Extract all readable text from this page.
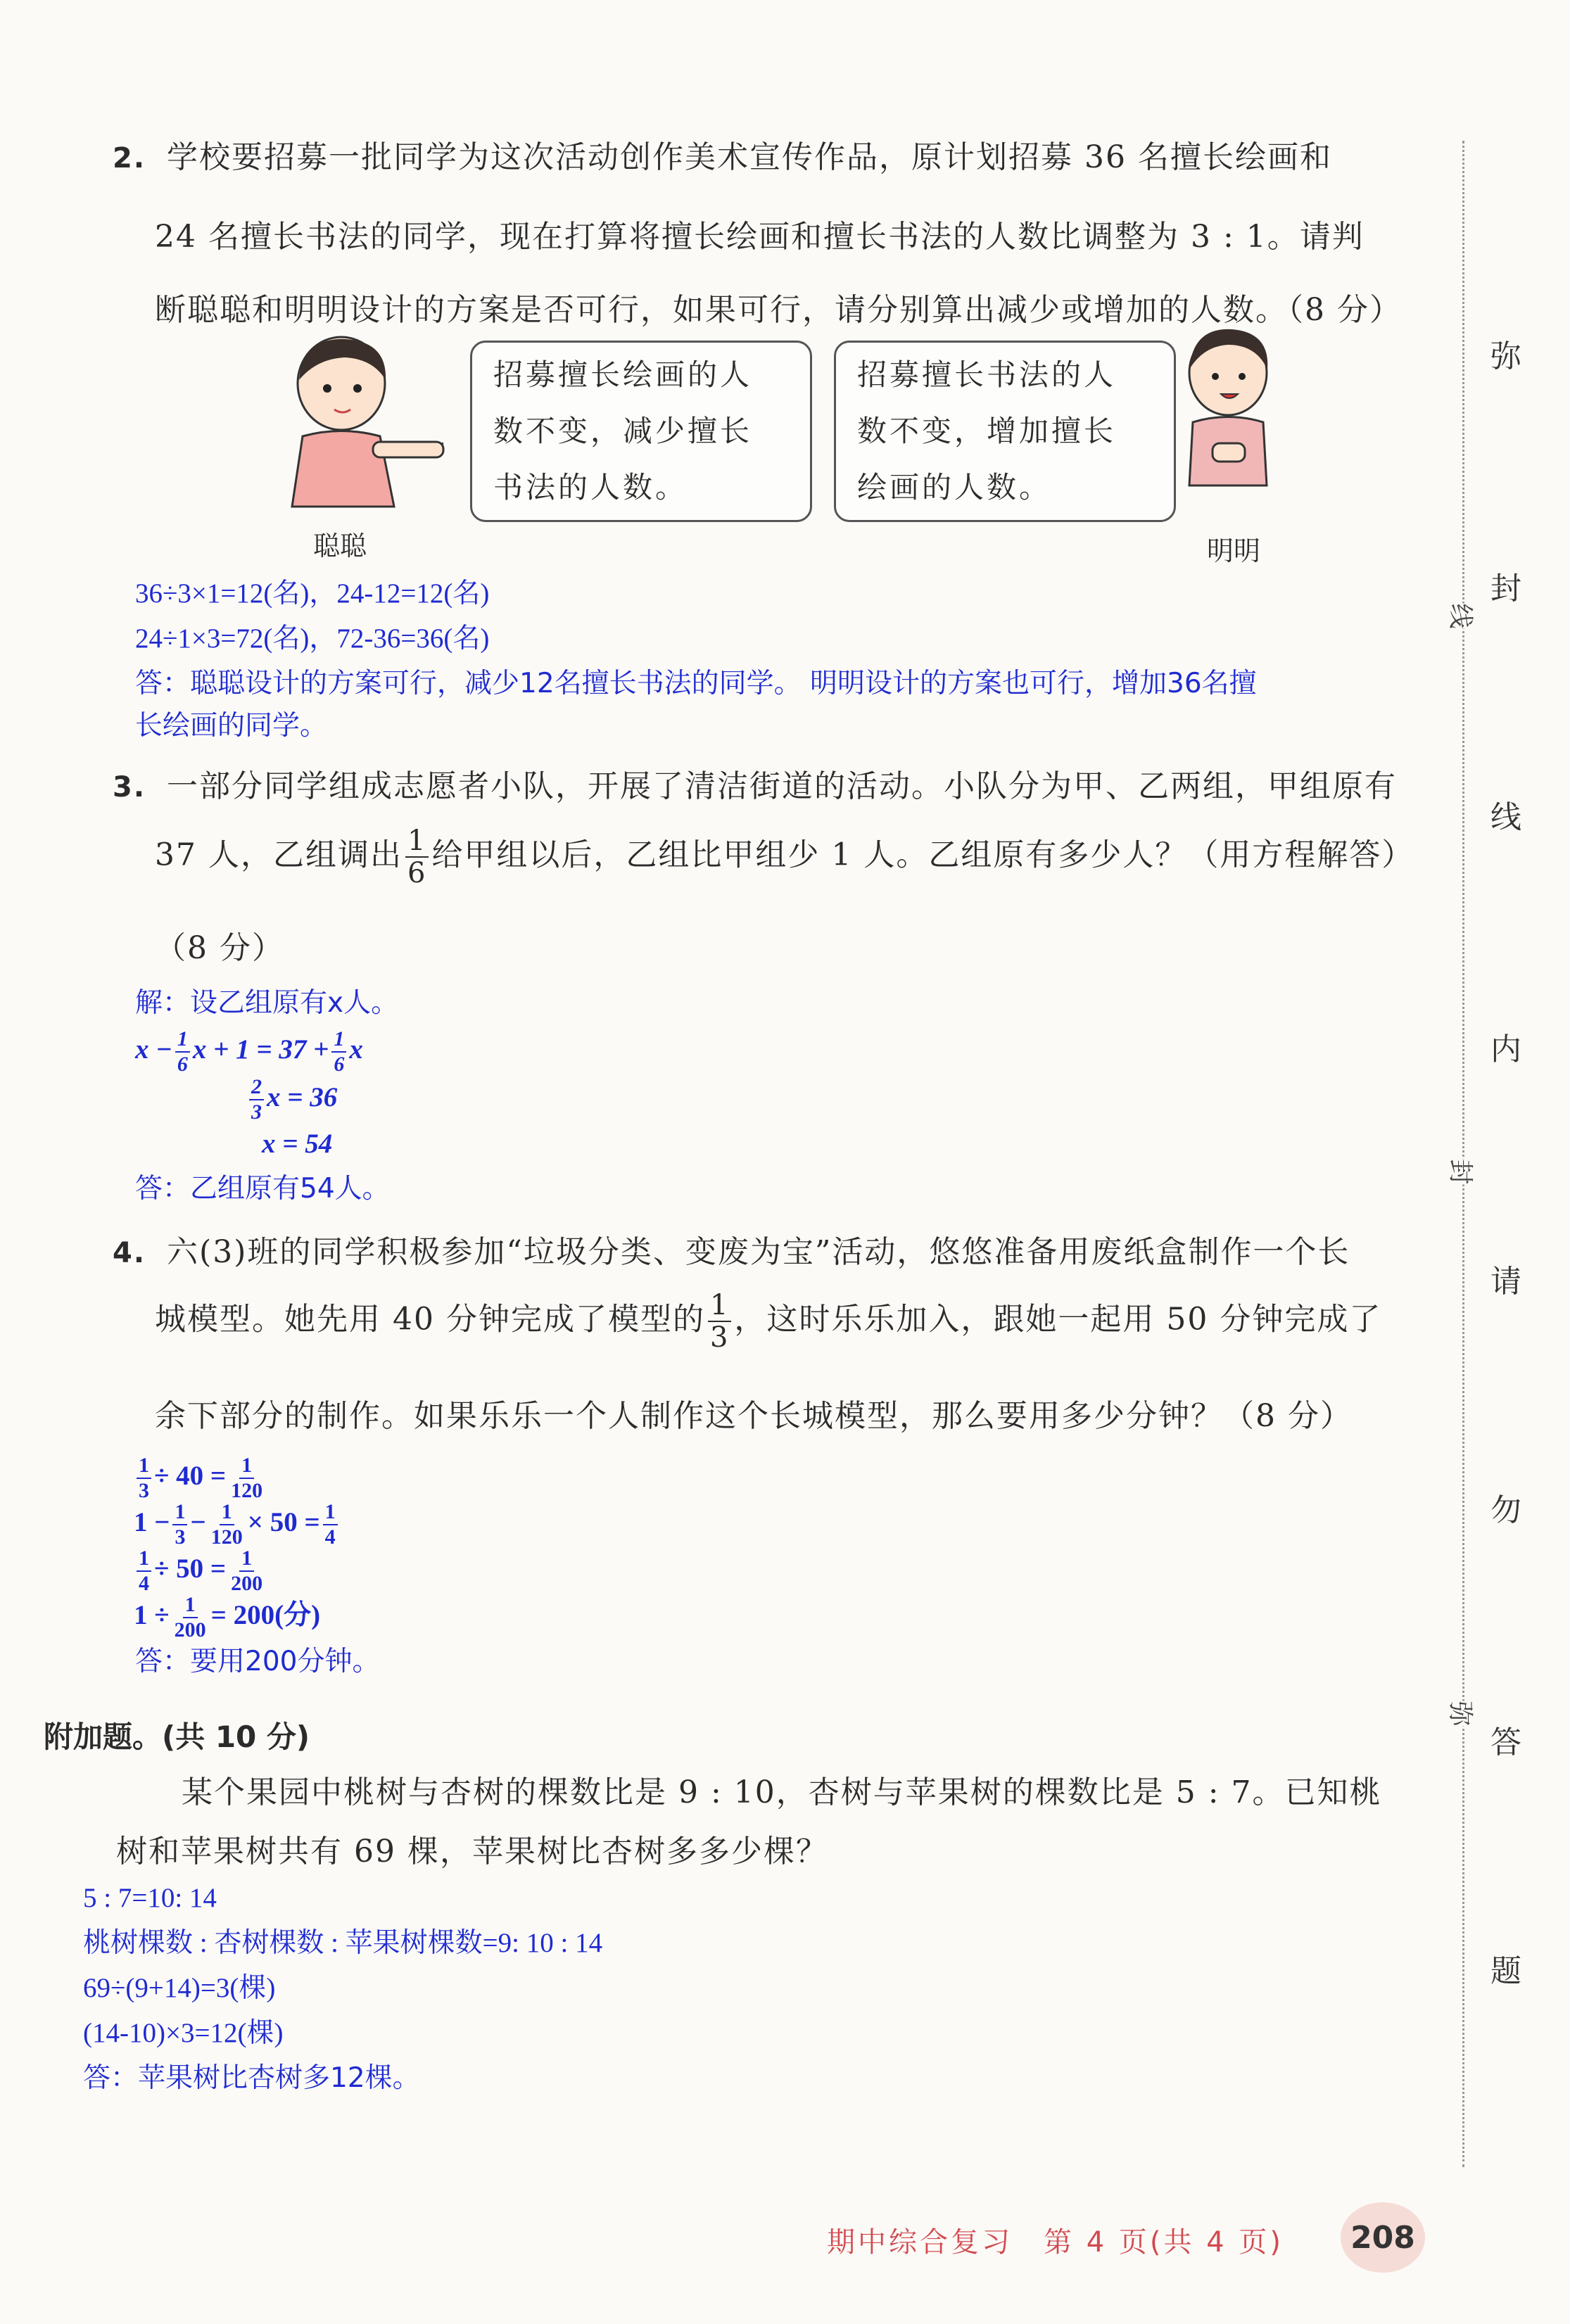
2. 学校要招募一批同学为这次活动创作美术宣传作品，原计划招募 36 名擅长绘画和
24 名擅长书法的同学，现在打算将擅长绘画和擅长书法的人数比调整为 3 : 1。请判
断聪聪和明明设计的方案是否可行，如果可行，请分别算出减少或增加的人数。（8 分）
聪聪
招募擅长绘画的人
数不变，减少擅长
书法的人数。
招募擅长书法的人
数不变，增加擅长
绘画的人数。
明明
36÷3×1=12(名)，24-12=12(名)
24÷1×3=72(名)，72-36=36(名)
答：聪聪设计的方案可行，减少12名擅长书法的同学。 明明设计的方案也可行，增加36名擅
长绘画的同学。
3. 一部分同学组成志愿者小队，开展了清洁街道的活动。小队分为甲、乙两组，甲组原有
37 人，乙组调出 $\frac{1}{6}$ 给甲组以后，乙组比甲组少 1 人。乙组原有多少人？（用方程解答）
（8 分）
解：设乙组原有x人。
$x - \frac{1}{6}$ $x + 1 = 37 + \frac{1}{6}$ x
$\frac{2}{3}$ x = 36
x = 54
答：乙组原有54人。
4. 六(3)班的同学积极参加“垃圾分类、变废为宝”活动，悠悠准备用废纸盒制作一个长
城模型。她先用 40 分钟完成了模型的 $\frac{1}{3}$ ，这时乐乐加入，跟她一起用 50 分钟完成了
余下部分的制作。如果乐乐一个人制作这个长城模型，那么要用多少分钟？（8 分）
$\frac{1}{3} \div 40 = \frac{1}{120}$
$1 - \frac{1}{3} - \frac{1}{120} \times 50 = \frac{1}{4}$
$\frac{1}{4} \div 50 = \frac{1}{200}$
$1 \div \frac{1}{200} = 200$(分)
答：要用200分钟。
附加题。(共 10 分)
某个果园中桃树与杏树的棵数比是 9 : 10，杏树与苹果树的棵数比是 5 : 7。已知桃
树和苹果树共有 69 棵，苹果树比杏树多多少棵？
5 : 7=10: 14
桃树棵数 : 杏树棵数 : 苹果树棵数=9: 10 : 14
69÷(9+14)=3(棵)
(14-10)×3=12(棵)
答：苹果树比杏树多12棵。
弥
封
线
内
请
勿
答
题
线
封
弥
期中综合复习　第 4 页(共 4 页) 208
